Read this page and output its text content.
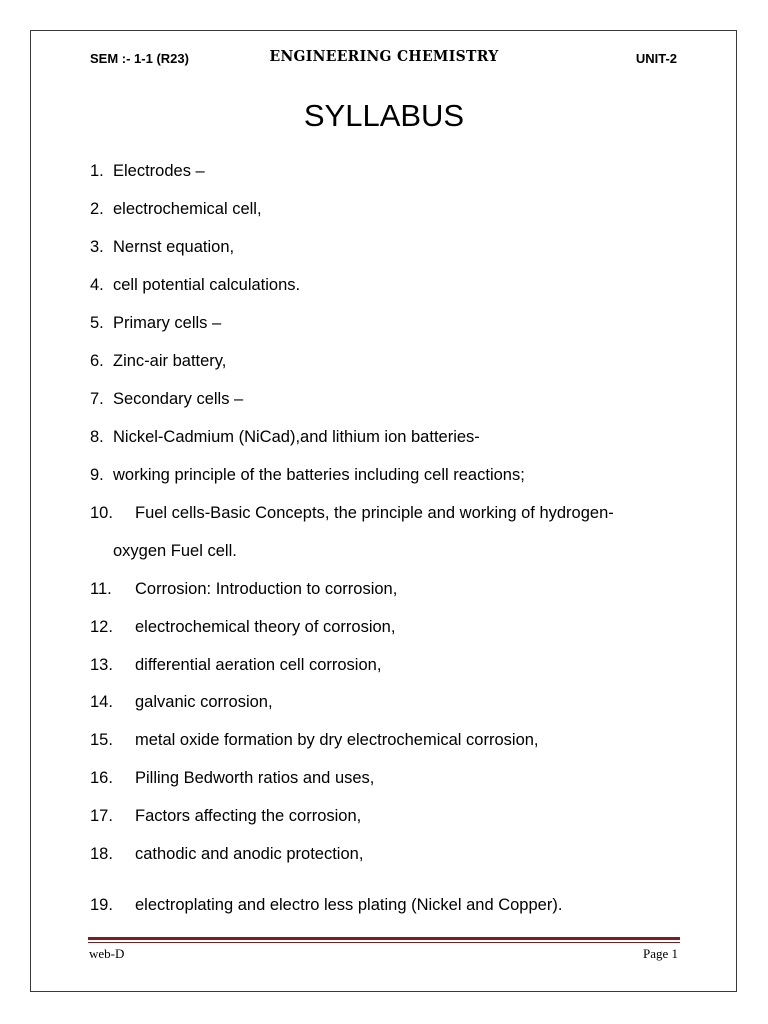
SEM :- 1-1 (R23)	ENGINEERING CHEMISTRY	UNIT-2
SYLLABUS
1. Electrodes –
2. electrochemical cell,
3. Nernst equation,
4. cell potential calculations.
5. Primary cells –
6. Zinc-air battery,
7. Secondary cells –
8. Nickel-Cadmium (NiCad),and lithium ion batteries-
9. working principle of the batteries including cell reactions;
10. Fuel cells-Basic Concepts, the principle and working of hydrogen-
oxygen Fuel cell.
11. Corrosion: Introduction to corrosion,
12. electrochemical theory of corrosion,
13. differential aeration cell corrosion,
14. galvanic corrosion,
15. metal oxide formation by dry electrochemical corrosion,
16. Pilling Bedworth ratios and uses,
17. Factors affecting the corrosion,
18. cathodic and anodic protection,
19. electroplating and electro less plating (Nickel and Copper).
web-D	Page 1
